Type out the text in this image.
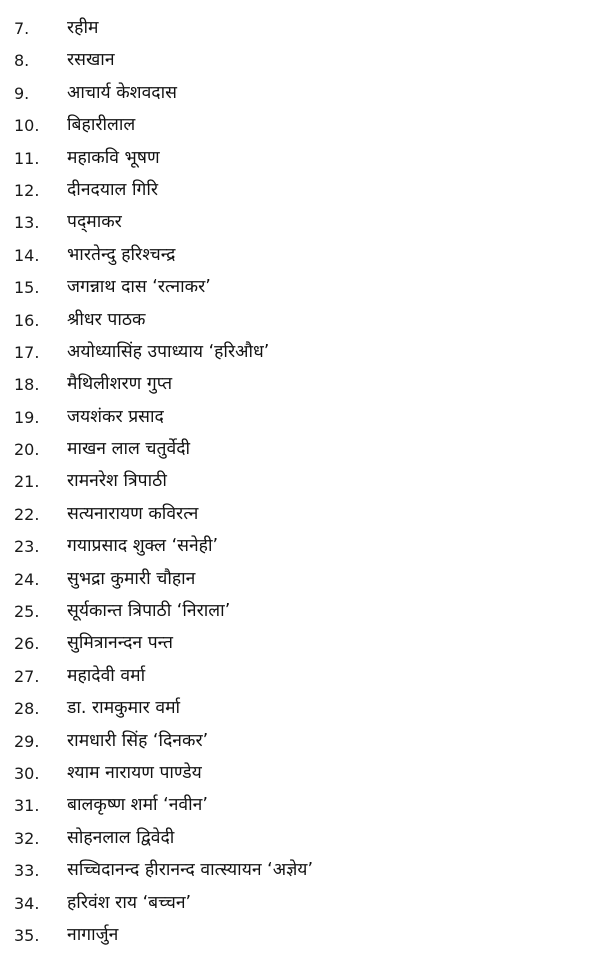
7.	रहीम
8.	रसखान
9.	आचार्य केशवदास
10.	बिहारीलाल
11.	महाकवि भूषण
12.	दीनदयाल गिरि
13.	पद्‌माकर
14.	भारतेन्दु हरिश्चन्द्र
15.	जगन्नाथ दास ‘रत्नाकर’
16.	श्रीधर पाठक
17.	अयोध्यासिंह उपाध्याय ‘हरिऔध’
18.	मैथिलीशरण गुप्त
19.	जयशंकर प्रसाद
20.	माखन लाल चतुर्वेदी
21.	रामनरेश त्रिपाठी
22.	सत्यनारायण कविरत्न
23.	गयाप्रसाद शुक्ल ‘सनेही’
24.	सुभद्रा कुमारी चौहान
25.	सूर्यकान्त त्रिपाठी ‘निराला’
26.	सुमित्रानन्दन पन्त
27.	महादेवी वर्मा
28.	डा. रामकुमार वर्मा
29.	रामधारी सिंह ‘दिनकर’
30.	श्याम नारायण पाण्डेय
31.	बालकृष्ण शर्मा ‘नवीन’
32.	सोहनलाल द्विवेदी
33.	सच्चिदानन्द हीरानन्द वात्स्यायन ‘अज्ञेय’
34.	हरिवंश राय ‘बच्चन’
35.	नागार्जुन
